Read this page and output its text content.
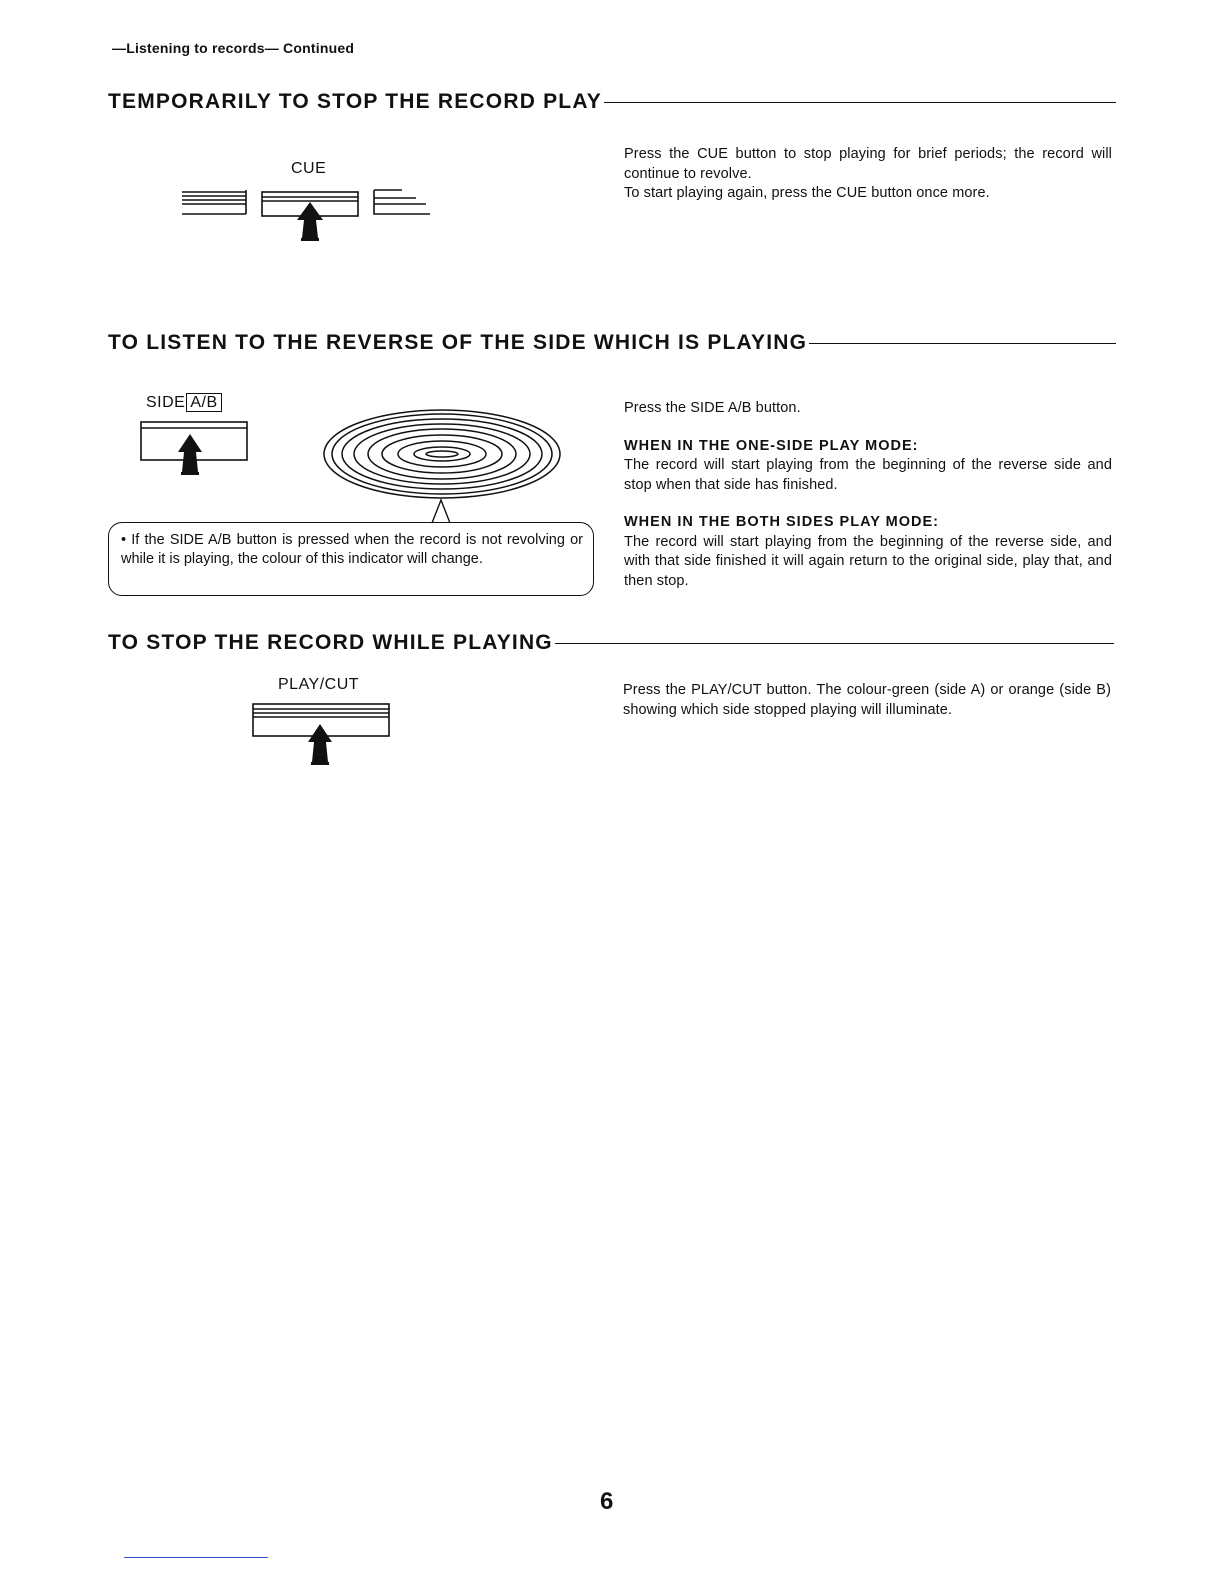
—Listening to records— Continued
TEMPORARILY TO STOP THE RECORD PLAY
CUE

Press the CUE button to stop playing for brief periods; the record will continue to revolve.

To start playing again, press the CUE button once more.

TO LISTEN TO THE REVERSE OF THE SIDE WHICH IS PLAYING
SIDE A/B
• If the SIDE A/B button is pressed when the record is not revolving or while it is playing, the colour of this indicator will change.

Press the SIDE A/B button.

WHEN IN THE ONE-SIDE PLAY MODE:

The record will start playing from the beginning of the reverse side and stop when that side has finished.

WHEN IN THE BOTH SIDES PLAY MODE:

The record will start playing from the beginning of the reverse side, and with that side finished it will again return to the original side, play that, and then stop.

TO STOP THE RECORD WHILE PLAYING
PLAY/CUT	Press the PLAY/CUT button. The colour-green (side A) or orange (side B) showing which side stopped playing will illuminate.

6
